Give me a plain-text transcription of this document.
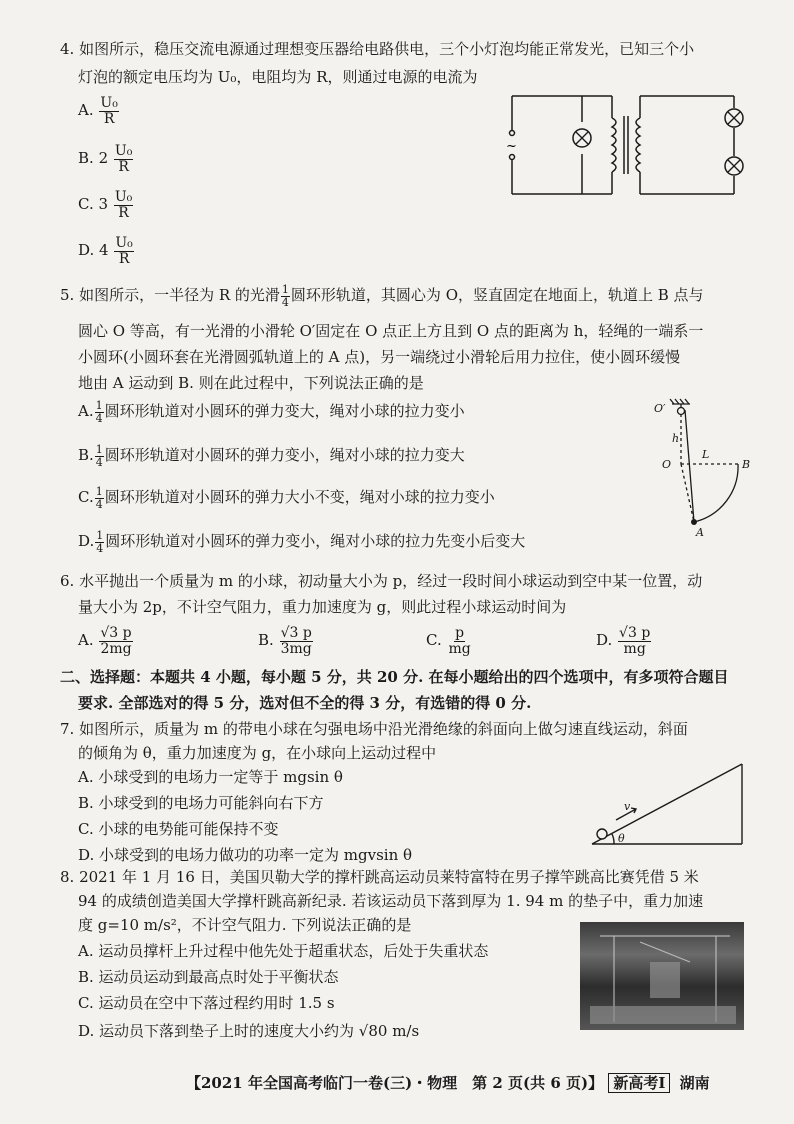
4. 如图所示，稳压交流电源通过理想变压器给电路供电，三个小灯泡均能正常发光，已知三个小
灯泡的额定电压均为 U₀，电阻均为 R，则通过电源的电流为
A. $\frac{\text{U₀}}{R}$
B. $2 \frac{\text{U₀}}{R}$
C. $3 \frac{\text{U₀}}{R}$
D. $4 \frac{\text{U₀}}{R}$
~
5. 如图所示，一半径为 R 的光滑 $\frac{1}{4}$ 圆环形轨道，其圆心为 O，竖直固定在地面上，轨道上 B 点与
圆心 O 等高，有一光滑的小滑轮 O′固定在 O 点正上方且到 O 点的距离为 h，轻绳的一端系一
小圆环(小圆环套在光滑圆弧轨道上的 A 点)，另一端绕过小滑轮后用力拉住，使小圆环缓慢
地由 A 运动到 B. 则在此过程中，下列说法正确的是
A. $\frac{1}{4}$ 圆环形轨道对小圆环的弹力变大，绳对小球的拉力变小
B. $\frac{1}{4}$ 圆环形轨道对小圆环的弹力变小，绳对小球的拉力变大
C. $\frac{1}{4}$ 圆环形轨道对小圆环的弹力大小不变，绳对小球的拉力变小
D. $\frac{1}{4}$ 圆环形轨道对小圆环的弹力变小，绳对小球的拉力先变小后变大
O′
h
O
L
B
A
6. 水平抛出一个质量为 m 的小球，初动量大小为 p，经过一段时间小球运动到空中某一位置，动
量大小为 2p，不计空气阻力，重力加速度为 g，则此过程小球运动时间为
A. $\frac{√3 p}{2mg}$	B. $\frac{√3 p}{3mg}$	C. $\frac{p}{mg}$	D. $\frac{√3 p}{mg}$
二、选择题：本题共 4 小题，每小题 5 分，共 20 分. 在每小题给出的四个选项中，有多项符合题目
要求. 全部选对的得 5 分，选对但不全的得 3 分，有选错的得 0 分.
7. 如图所示，质量为 m 的带电小球在匀强电场中沿光滑绝缘的斜面向上做匀速直线运动，斜面
的倾角为 θ，重力加速度为 g，在小球向上运动过程中
A. 小球受到的电场力一定等于 mgsin θ
B. 小球受到的电场力可能斜向右下方
C. 小球的电势能可能保持不变
D. 小球受到的电场力做功的功率一定为 mgvsin θ
v
θ
8. 2021 年 1 月 16 日，美国贝勒大学的撑杆跳高运动员莱特富特在男子撑竿跳高比赛凭借 5 米
94 的成绩创造美国大学撑杆跳高新纪录. 若该运动员下落到厚为 1. 94 m 的垫子中，重力加速
度 g=10 m/s²，不计空气阻力. 下列说法正确的是
A. 运动员撑杆上升过程中他先处于超重状态，后处于失重状态
B. 运动员运动到最高点时处于平衡状态
C. 运动员在空中下落过程约用时 1.5 s
D. 运动员下落到垫子上时的速度大小约为 √80 m/s
【2021 年全国高考临门一卷(三)・物理　第 2 页(共 6 页)】 新高考Ⅰ 湖南
